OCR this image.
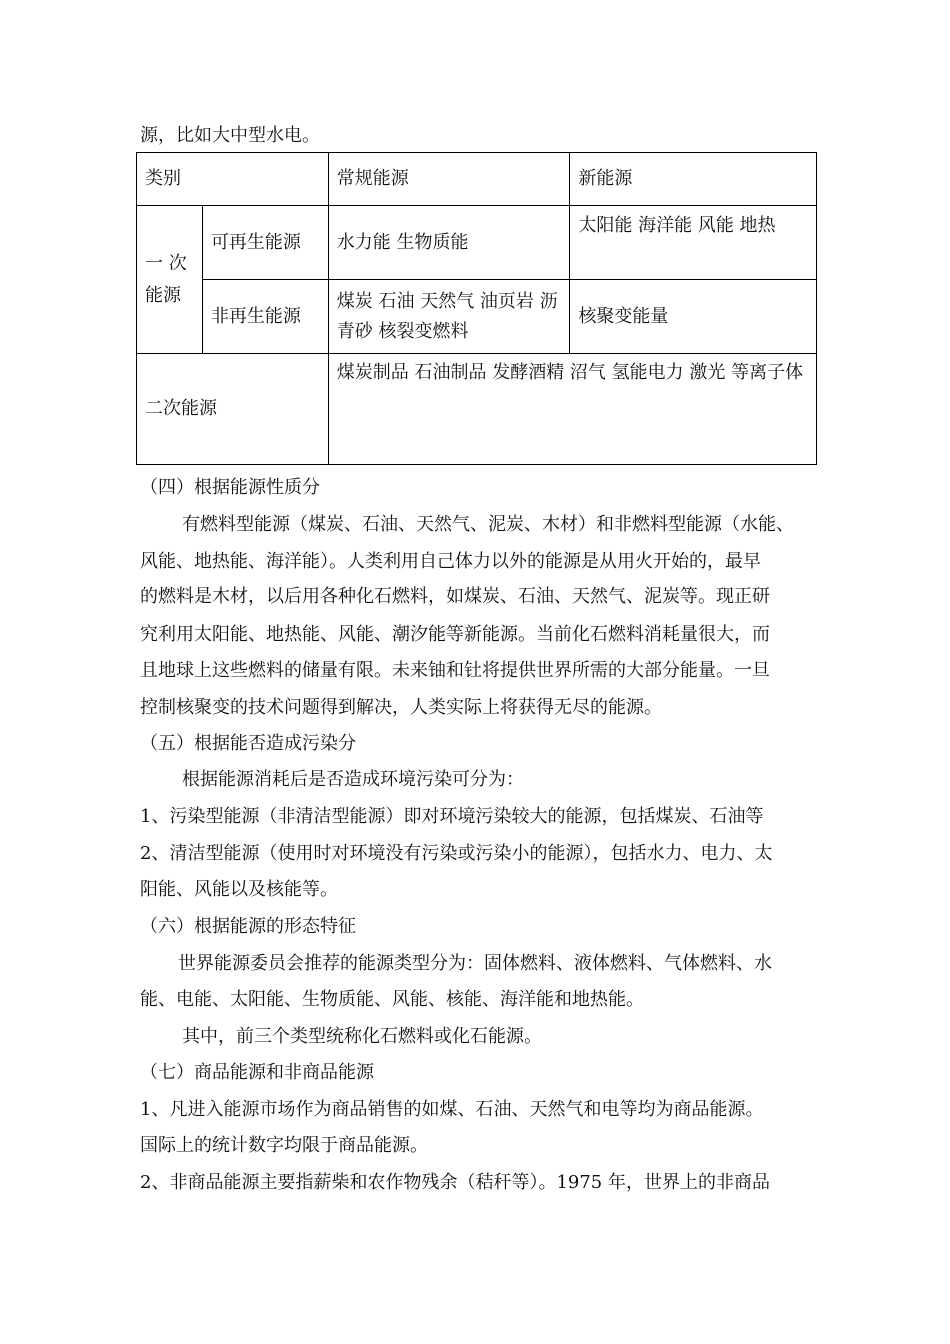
源，比如大中型水电。
类别		常规能源	新能源
一 次能源	可再生能源	水力能 生物质能	太阳能 海洋能 风能 地热
	非再生能源	煤炭 石油 天然气 油页岩 沥青砂 核裂变燃料	核聚变能量
二次能源		煤炭制品 石油制品 发酵酒精 沼气 氢能电力 激光 等离子体	
（四）根据能源性质分
有燃料型能源（煤炭、石油、天然气、泥炭、木材）和非燃料型能源（水能、
风能、地热能、海洋能）。人类利用自己体力以外的能源是从用火开始的，最早
的燃料是木材，以后用各种化石燃料，如煤炭、石油、天然气、泥炭等。现正研
究利用太阳能、地热能、风能、潮汐能等新能源。当前化石燃料消耗量很大，而
且地球上这些燃料的储量有限。未来铀和钍将提供世界所需的大部分能量。一旦
控制核聚变的技术问题得到解决，人类实际上将获得无尽的能源。
（五）根据能否造成污染分
根据能源消耗后是否造成环境污染可分为：
1、污染型能源（非清洁型能源）即对环境污染较大的能源，包括煤炭、石油等
2、清洁型能源（使用时对环境没有污染或污染小的能源），包括水力、电力、太
阳能、风能以及核能等。
（六）根据能源的形态特征
世界能源委员会推荐的能源类型分为：固体燃料、液体燃料、气体燃料、水
能、电能、太阳能、生物质能、风能、核能、海洋能和地热能。
其中，前三个类型统称化石燃料或化石能源。
（七）商品能源和非商品能源
1、凡进入能源市场作为商品销售的如煤、石油、天然气和电等均为商品能源。
国际上的统计数字均限于商品能源。
2、非商品能源主要指薪柴和农作物残余（秸秆等）。1975 年，世界上的非商品
